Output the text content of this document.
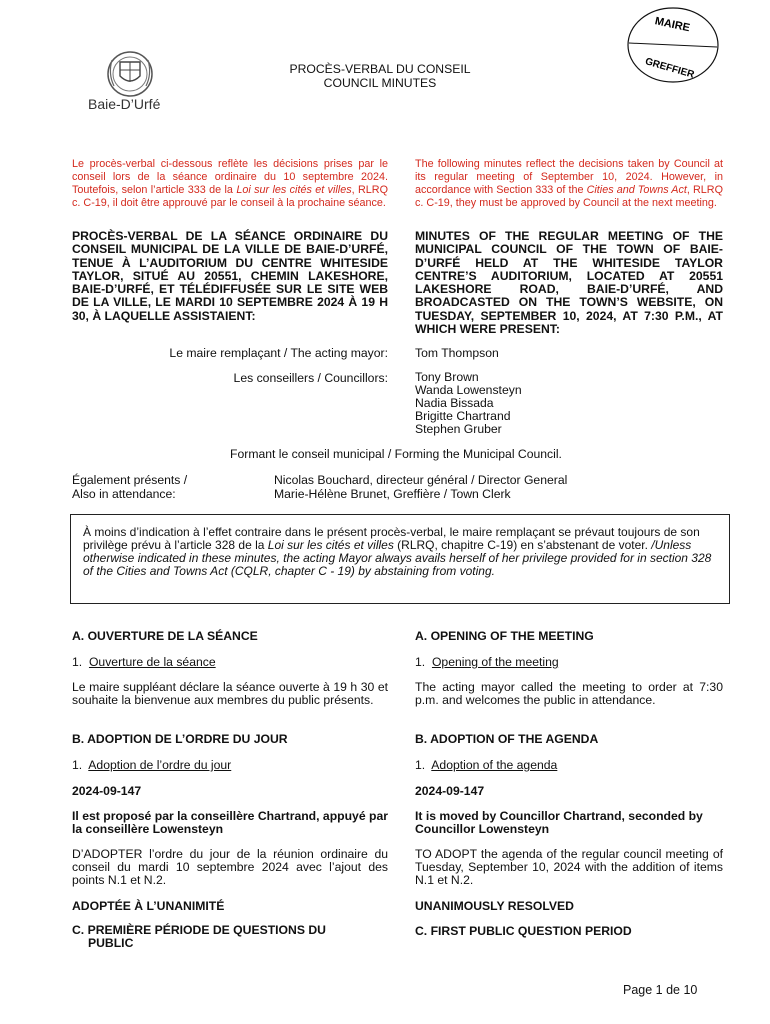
Baie-D’Urfé
MAIRE
GREFFIER
PROCÈS-VERBAL DU CONSEIL
COUNCIL MINUTES

Le procès-verbal ci-dessous reflète les décisions prises par le conseil lors de la séance ordinaire du 10 septembre 2024. Toutefois, selon l’article 333 de la Loi sur les cités et villes, RLRQ c. C-19, il doit être approuvé par le conseil à la prochaine séance.

The following minutes reflect the decisions taken by Council at its regular meeting of September 10, 2024. However, in accordance with Section 333 of the Cities and Towns Act, RLRQ c. C-19, they must be approved by Council at the next meeting.

PROCÈS-VERBAL DE LA SÉANCE ORDINAIRE DU CONSEIL MUNICIPAL DE LA VILLE DE BAIE-D’URFÉ, TENUE À L’AUDITORIUM DU CENTRE WHITESIDE TAYLOR, SITUÉ AU 20551, CHEMIN LAKESHORE, BAIE-D’URFÉ, ET TÉLÉDIFFUSÉE SUR LE SITE WEB DE LA VILLE, LE MARDI 10 SEPTEMBRE 2024 À 19 H 30, À LAQUELLE ASSISTAIENT:

MINUTES OF THE REGULAR MEETING OF THE MUNICIPAL COUNCIL OF THE TOWN OF BAIE-D’URFÉ HELD AT THE WHITESIDE TAYLOR CENTRE’S AUDITORIUM, LOCATED AT 20551 LAKESHORE ROAD, BAIE-D’URFÉ, AND BROADCASTED ON THE TOWN’S WEBSITE, ON TUESDAY, SEPTEMBER 10, 2024, AT 7:30 P.M., AT WHICH WERE PRESENT:

Le maire remplaçant / The acting mayor: Tom Thompson
Les conseillers / Councillors: Tony Brown
Wanda Lowensteyn
Nadia Bissada
Brigitte Chartrand
Stephen Gruber
Formant le conseil municipal / Forming the Municipal Council.
Également présents /
Also in attendance:
Nicolas Bouchard, directeur général / Director General
Marie-Hélène Brunet, Greffière / Town Clerk
À moins d’indication à l’effet contraire dans le présent procès-verbal, le maire remplaçant se prévaut toujours de son privilège prévu à l’article 328 de la Loi sur les cités et villes (RLRQ, chapitre C-19) en s’abstenant de voter. /Unless otherwise indicated in these minutes, the acting Mayor always avails herself of her privilege provided for in section 328 of the Cities and Towns Act (CQLR, chapter C - 19) by abstaining from voting.
A. OUVERTURE DE LA SÉANCE	A. OPENING OF THE MEETING
1. Ouverture de la séance	1. Opening of the meeting

Le maire suppléant déclare la séance ouverte à 19 h 30 et souhaite la bienvenue aux membres du public présents.

The acting mayor called the meeting to order at 7:30 p.m. and welcomes the public in attendance.

B. ADOPTION DE L’ORDRE DU JOUR	B. ADOPTION OF THE AGENDA
1. Adoption de l’ordre du jour	1. Adoption of the agenda
2024-09-147	2024-09-147

Il est proposé par la conseillère Chartrand, appuyé par la conseillère Lowensteyn

It is moved by Councillor Chartrand, seconded by Councillor Lowensteyn

D’ADOPTER l’ordre du jour de la réunion ordinaire du conseil du mardi 10 septembre 2024 avec l’ajout des points N.1 et N.2.

TO ADOPT the agenda of the regular council meeting of Tuesday, September 10, 2024 with the addition of items N.1 et N.2.

ADOPTÉE À L’UNANIMITÉ	UNANIMOUSLY RESOLVED
C. PREMIÈRE PÉRIODE DE QUESTIONS DU PUBLIC
C. FIRST PUBLIC QUESTION PERIOD
Page 1 de 10
